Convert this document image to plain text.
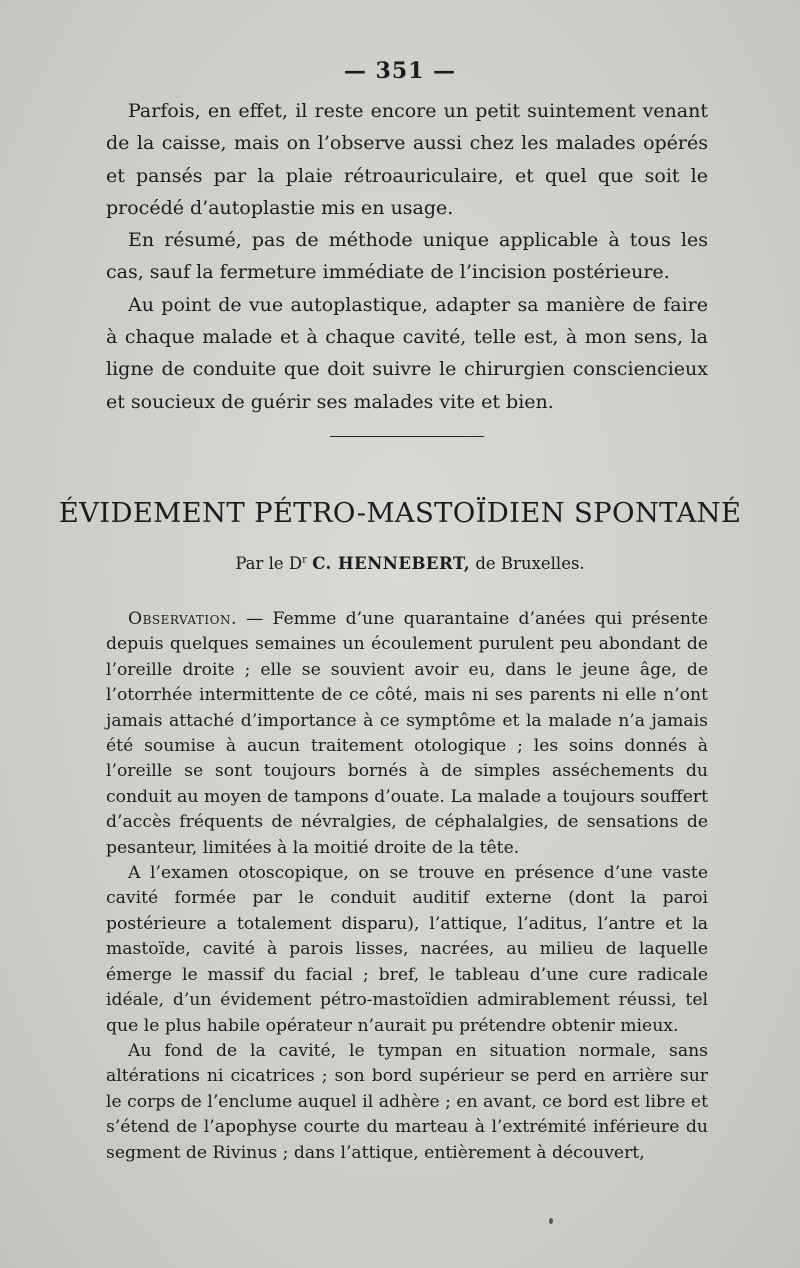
— 351 —

Parfois, en effet, il reste encore un petit suintement venant de la caisse, mais on l’observe aussi chez les malades opérés et pansés par la plaie rétroauriculaire, et quel que soit le procédé d’autoplastie mis en usage.

En résumé, pas de méthode unique applicable à tous les cas, sauf la fermeture immédiate de l’incision postérieure.

Au point de vue autoplastique, adapter sa manière de faire à chaque malade et à chaque cavité, telle est, à mon sens, la ligne de conduite que doit suivre le chirurgien consciencieux et soucieux de guérir ses malades vite et bien.

ÉVIDEMENT PÉTRO-MASTOÏDIEN SPONTANÉ
Par le $D^r$ C. HENNEBERT, de Bruxelles.

Observation. — Femme d’une quarantaine d’anées qui présente depuis quelques semaines un écoulement purulent peu abondant de l’oreille droite ; elle se souvient avoir eu, dans le jeune âge, de l’otorrhée intermittente de ce côté, mais ni ses parents ni elle n’ont jamais attaché d’importance à ce symptôme et la malade n’a jamais été soumise à aucun traitement otologique ; les soins donnés à l’oreille se sont toujours bornés à de simples asséchements du conduit au moyen de tampons d’ouate. La malade a toujours souffert d’accès fréquents de névralgies, de céphalalgies, de sensations de pesanteur, limitées à la moitié droite de la tête.

A l’examen otoscopique, on se trouve en présence d’une vaste cavité formée par le conduit auditif externe (dont la paroi postérieure a totalement disparu), l’attique, l’aditus, l’antre et la mastoïde, cavité à parois lisses, nacrées, au milieu de laquelle émerge le massif du facial ; bref, le tableau d’une cure radicale idéale, d’un évidement pétro-mastoïdien admirablement réussi, tel que le plus habile opérateur n’aurait pu prétendre obtenir mieux.

Au fond de la cavité, le tympan en situation normale, sans altérations ni cicatrices ; son bord supérieur se perd en arrière sur le corps de l’enclume auquel il adhère ; en avant, ce bord est libre et s’étend de l’apophyse courte du marteau à l’extrémité inférieure du segment de Rivinus ; dans l’attique, entièrement à découvert,
